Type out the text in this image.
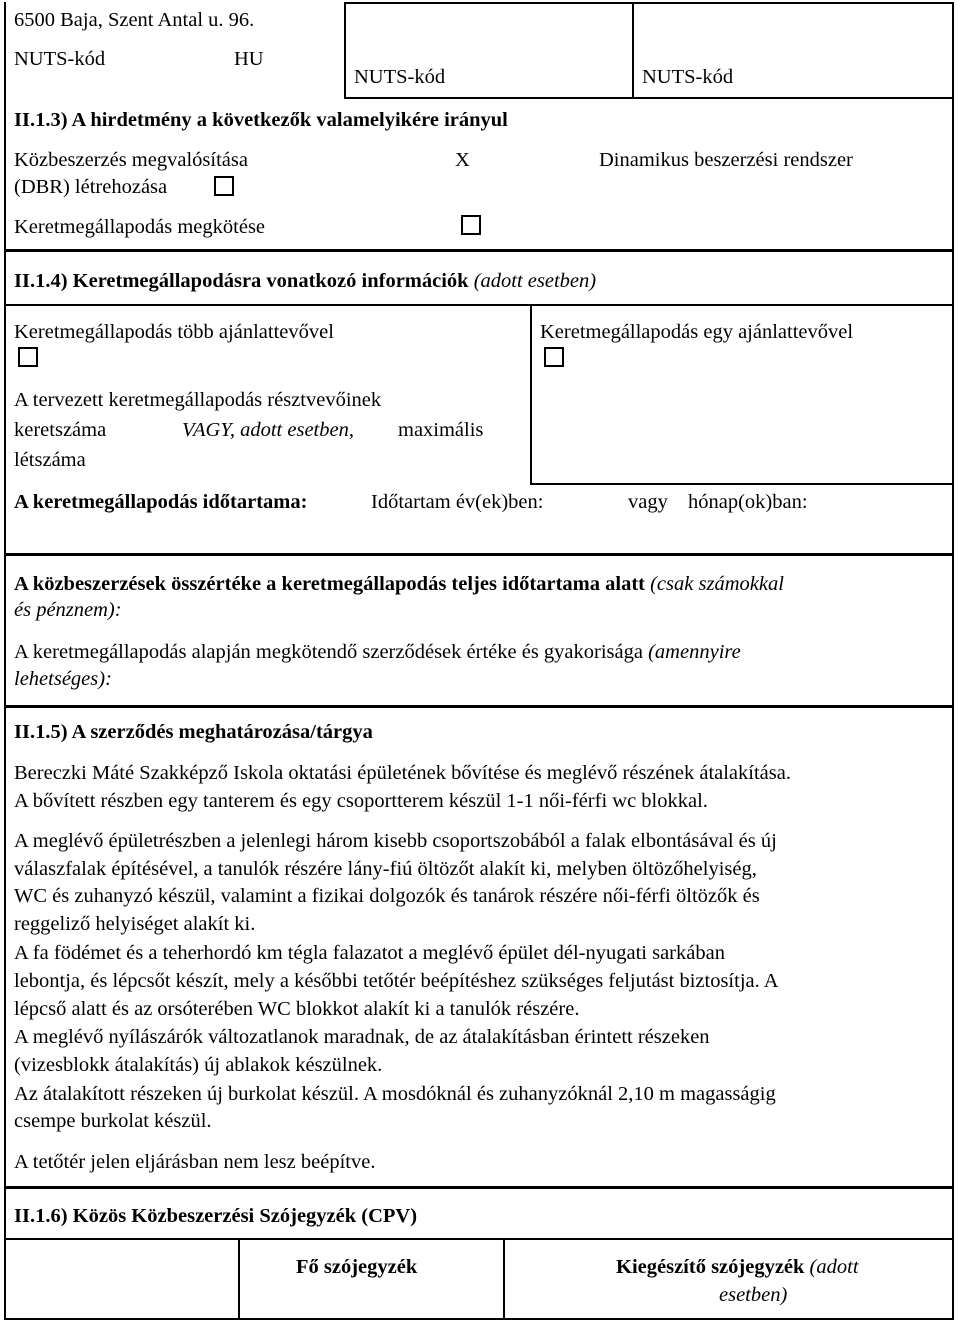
6500 Baja, Szent Antal u. 96.
NUTS-kód	HU
NUTS-kód	NUTS-kód
II.1.3) A hirdetmény a következők valamelyikére irányul
Közbeszerzés megvalósítása	X	Dinamikus beszerzési rendszer
(DBR) létrehozása
Keretmegállapodás megkötése
II.1.4) Keretmegállapodásra vonatkozó információk (adott esetben)
Keretmegállapodás több ajánlattevővel	Keretmegállapodás egy ajánlattevővel
A tervezett keretmegállapodás résztvevőinek
keretszáma	VAGY, adott esetben, maximális
létszáma
A keretmegállapodás időtartama:	Időtartam év(ek)ben:	vagy hónap(ok)ban:
A közbeszerzések összértéke a keretmegállapodás teljes időtartama alatt (csak számokkal
és pénznem):
A keretmegállapodás alapján megkötendő szerződések értéke és gyakorisága (amennyire
lehetséges):
II.1.5) A szerződés meghatározása/tárgya
Bereczki Máté Szakképző Iskola oktatási épületének bővítése és meglévő részének átalakítása.
A bővített részben egy tanterem és egy csoportterem készül 1-1 női-férfi wc blokkal.
A meglévő épületrészben a jelenlegi három kisebb csoportszobából a falak elbontásával és új
válaszfalak építésével, a tanulók részére lány-fiú öltözőt alakít ki, melyben öltözőhelyiség,
WC és zuhanyzó készül, valamint a fizikai dolgozók és tanárok részére női-férfi öltözők és
reggeliző helyiséget alakít ki.
A fa födémet és a teherhordó km tégla falazatot a meglévő épület dél-nyugati sarkában
lebontja, és lépcsőt készít, mely a későbbi tetőtér beépítéshez szükséges feljutást biztosítja. A
lépcső alatt és az orsóterében WC blokkot alakít ki a tanulók részére.
A meglévő nyílászárók változatlanok maradnak, de az átalakításban érintett részeken
(vizesblokk átalakítás) új ablakok készülnek.
Az átalakított részeken új burkolat készül. A mosdóknál és zuhanyzóknál 2,10 m magasságig
csempe burkolat készül.
A tetőtér jelen eljárásban nem lesz beépítve.
II.1.6) Közös Közbeszerzési Szójegyzék (CPV)
Fő szójegyzék	Kiegészítő szójegyzék (adott
esetben)
